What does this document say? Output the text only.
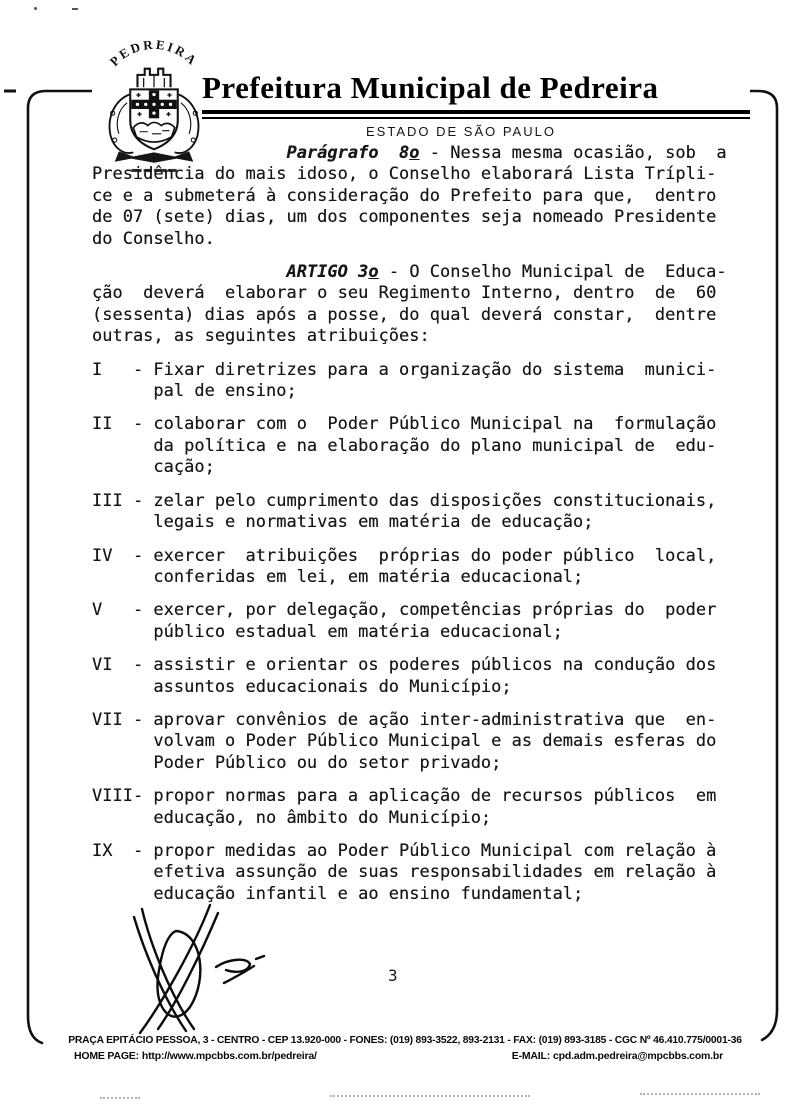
PEDREIRA
Prefeitura Municipal de Pedreira
ESTADO DE SÃO PAULO
Parágrafo  8o - Nessa mesma ocasião, sob  a
Presidência do mais idoso, o Conselho elaborará Lista Trípli-
ce e a submeterá à consideração do Prefeito para que,  dentro
de 07 (sete) dias, um dos componentes seja nomeado Presidente
do Conselho.
ARTIGO 3o - O Conselho Municipal de  Educa-
ção  deverá  elaborar o seu Regimento Interno, dentro  de  60
(sessenta) dias após a posse, do qual deverá constar,  dentre
outras, as seguintes atribuições:
I   - Fixar diretrizes para a organização do sistema  munici-
pal de ensino;
II  - colaborar com o  Poder Público Municipal na  formulação
da política e na elaboração do plano municipal de  edu-
cação;
III - zelar pelo cumprimento das disposições constitucionais,
legais e normativas em matéria de educação;
IV  - exercer  atribuições  próprias do poder público  local,
conferidas em lei, em matéria educacional;
V   - exercer, por delegação, competências próprias do  poder
público estadual em matéria educacional;
VI  - assistir e orientar os poderes públicos na condução dos
assuntos educacionais do Município;
VII - aprovar convênios de ação inter-administrativa que  en-
volvam o Poder Público Municipal e as demais esferas do
Poder Público ou do setor privado;
VIII- propor normas para a aplicação de recursos públicos  em
educação, no âmbito do Município;
IX  - propor medidas ao Poder Público Municipal com relação à
efetiva assunção de suas responsabilidades em relação à
educação infantil e ao ensino fundamental;
3
PRAÇA EPITÁCIO PESSOA, 3 - CENTRO - CEP 13.920-000 - FONES: (019) 893-3522, 893-2131 - FAX: (019) 893-3185 - CGC Nº 46.410.775/0001-36
HOME PAGE: http://www.mpcbbs.com.br/pedreira/	E-MAIL: cpd.adm.pedreira@mpcbbs.com.br
